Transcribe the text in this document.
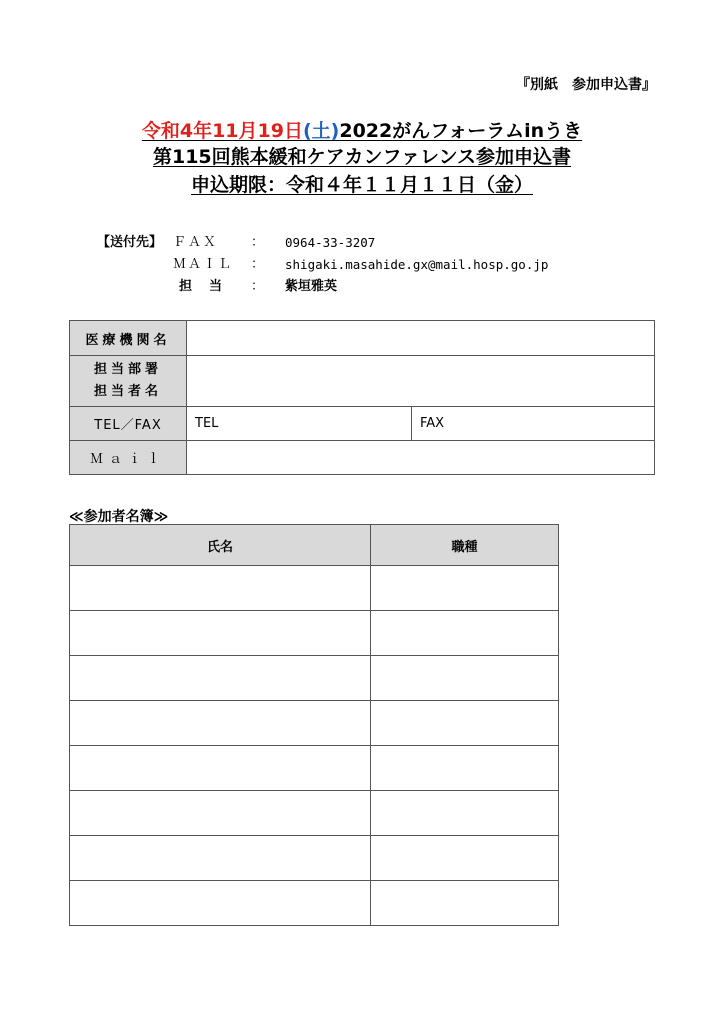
『別紙　参加申込書』
令和4年11月19日(土)2022がんフォーラムinうき
第115回熊本緩和ケアカンファレンス参加申込書
申込期限：令和４年１１月１１日（金）
【送付先】 ＦＡＸ	：	0964-33-3207
ＭＡＩＬ	：	shigaki.masahide.gx@mail.hosp.go.jp
担　当	：	紫垣雅英
医療機関名		

担当部署
担当者名		

TEL／FAX	TEL	FAX
Ｍａｉｌ		
≪参加者名簿≫
氏名	職種
